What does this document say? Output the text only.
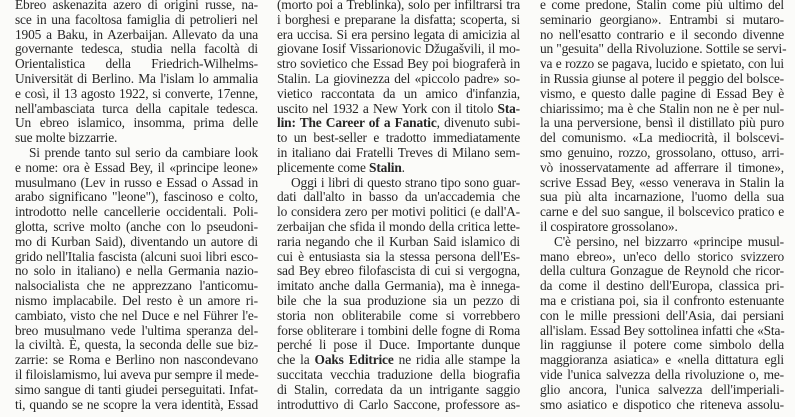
Ebreo askenazita azero di origini russe, na-
sce in una facoltosa famiglia di petrolieri nel
1905 a Baku, in Azerbaijan. Allevato da una
governante tedesca, studia nella facoltà di
Orientalistica della Friedrich-Wilhelms-
Universität di Berlino. Ma l'islam lo ammalia
e così, il 13 agosto 1922, si converte, 17enne,
nell'ambasciata turca della capitale tedesca.
Un ebreo islamico, insomma, prima delle
sue molte bizzarrie.
Si prende tanto sul serio da cambiare look
e nome: ora è Essad Bey, il «principe leone»
musulmano (Lev in russo e Essad o Assad in
arabo significano "leone"), fascinoso e colto,
introdotto nelle cancellerie occidentali. Poli-
glotta, scrive molto (anche con lo pseudoni-
mo di Kurban Said), diventando un autore di
grido nell'Italia fascista (alcuni suoi libri esco-
no solo in italiano) e nella Germania nazio-
nalsocialista che ne apprezzano l'anticomu-
nismo implacabile. Del resto è un amore ri-
cambiato, visto che nel Duce e nel Führer l'e-
breo musulmano vede l'ultima speranza del-
la civiltà. È, questa, la seconda delle sue biz-
zarrie: se Roma e Berlino non nascondevano
il filoislamismo, lui aveva pur sempre il mede-
simo sangue di tanti giudei perseguitati. Infat-
ti, quando se ne scopre la vera identità, Essad
(morto poi a Treblinka), solo per infiltrarsi tra
i borghesi e preparane la disfatta; scoperta, si
era uccisa. Si era persino legata di amicizia al
giovane Iosif Vissarionovic Džugašvili, il mo-
stro sovietico che Essad Bey poi biograferà in
Stalin. La giovinezza del «piccolo padre» so-
vietico raccontata da un amico d'infanzia,
uscito nel 1932 a New York con il titolo Sta-
lin: The Career of a Fanatic, divenuto subi-
to un best-seller e tradotto immediatamente
in italiano dai Fratelli Treves di Milano sem-
plicemente come Stalin.
Oggi i libri di questo strano tipo sono guar-
dati dall'alto in basso da un'accademia che
lo considera zero per motivi politici (e dall'A-
zerbaijan che sfida il mondo della critica lette-
raria negando che il Kurban Said islamico di
cui è entusiasta sia la stessa persona dell'Es-
sad Bey ebreo filofascista di cui si vergogna,
imitato anche dalla Germania), ma è innega-
bile che la sua produzione sia un pezzo di
storia non obliterabile come si vorrebbero
forse obliterare i tombini delle fogne di Roma
perché li pose il Duce. Importante dunque
che la Oaks Editrice ne ridia alle stampe la
succitata vecchia traduzione della biografia
di Stalin, corredata da un intrigante saggio
introduttivo di Carlo Saccone, professore as-
e come predone, Stalin come più ultimo del
seminario georgiano». Entrambi si mutaro-
no nell'esatto contrario e il secondo divenne
un "gesuita" della Rivoluzione. Sottile se servi-
va e rozzo se pagava, lucido e spietato, con lui
in Russia giunse al potere il peggio del bolsce-
vismo, e questo dalle pagine di Essad Bey è
chiarissimo; ma è che Stalin non ne è per nul-
la una perversione, bensì il distillato più puro
del comunismo. «La mediocrità, il bolscevi-
smo genuino, rozzo, grossolano, ottuso, arri-
vò inosservatamente ad afferrare il timone»,
scrive Essad Bey, «esso venerava in Stalin la
sua più alta incarnazione, l'uomo della sua
carne e del suo sangue, il bolscevico pratico e
il cospiratore grossolano».
C'è persino, nel bizzarro «principe musul-
mano ebreo», un'eco dello storico svizzero
della cultura Gonzague de Reynold che ricor-
da come il destino dell'Europa, classica pri-
ma e cristiana poi, sia il confronto estenuante
con le mille pressioni dell'Asia, dai persiani
all'islam. Essad Bey sottolinea infatti che «Sta-
lin raggiunse il potere come simbolo della
maggioranza asiatica» e «nella dittatura egli
vide l'unica salvezza della rivoluzione o, me-
glio ancora, l'unica salvezza dell'imperiali-
smo asiatico e dispotico che riteneva assolu-
